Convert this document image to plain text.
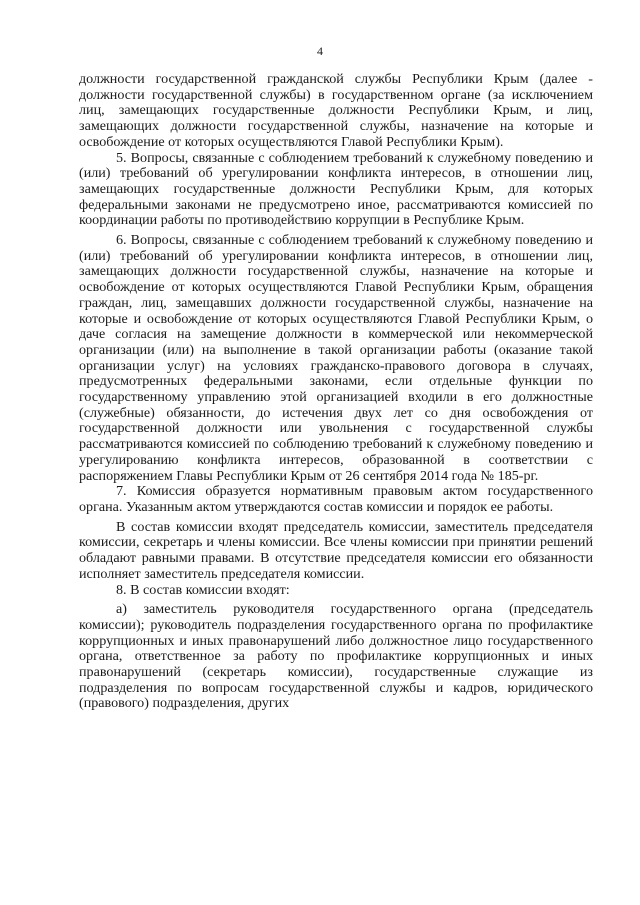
4

должности государственной гражданской службы Республики Крым (далее - должности государственной службы) в государственном органе (за исключением лиц, замещающих государственные должности Республики Крым, и лиц, замещающих должности государственной службы, назначение на которые и освобождение от которых осуществляются Главой Республики Крым).

5. Вопросы, связанные с соблюдением требований к служебному поведению и (или) требований об урегулировании конфликта интересов, в отношении лиц, замещающих государственные должности Республики Крым, для которых федеральными законами не предусмотрено иное, рассматриваются комиссией по координации работы по противодействию коррупции в Республике Крым.

6. Вопросы, связанные с соблюдением требований к служебному поведению и (или) требований об урегулировании конфликта интересов, в отношении лиц, замещающих должности государственной службы, назначение на которые и освобождение от которых осуществляются Главой Республики Крым, обращения граждан, лиц, замещавших должности государственной службы, назначение на которые и освобождение от которых осуществляются Главой Республики Крым, о даче согласия на замещение должности в коммерческой или некоммерческой организации (или) на выполнение в такой организации работы (оказание такой организации услуг) на условиях гражданско-правового договора в случаях, предусмотренных федеральными законами, если отдельные функции по государственному управлению этой организацией входили в его должностные (служебные) обязанности, до истечения двух лет со дня освобождения от государственной должности или увольнения с государственной службы рассматриваются комиссией по соблюдению требований к служебному поведению и урегулированию конфликта интересов, образованной в соответствии с распоряжением Главы Республики Крым от 26 сентября 2014 года № 185-рг.

7. Комиссия образуется нормативным правовым актом государственного органа. Указанным актом утверждаются состав комиссии и порядок ее работы.

В состав комиссии входят председатель комиссии, заместитель председателя комиссии, секретарь и члены комиссии. Все члены комиссии при принятии решений обладают равными правами. В отсутствие председателя комиссии его обязанности исполняет заместитель председателя комиссии.

8. В состав комиссии входят:

а) заместитель руководителя государственного органа (председатель комиссии); руководитель подразделения государственного органа по профилактике коррупционных и иных правонарушений либо должностное лицо государственного органа, ответственное за работу по профилактике коррупционных и иных правонарушений (секретарь комиссии), государственные служащие из подразделения по вопросам государственной службы и кадров, юридического (правового) подразделения, других
